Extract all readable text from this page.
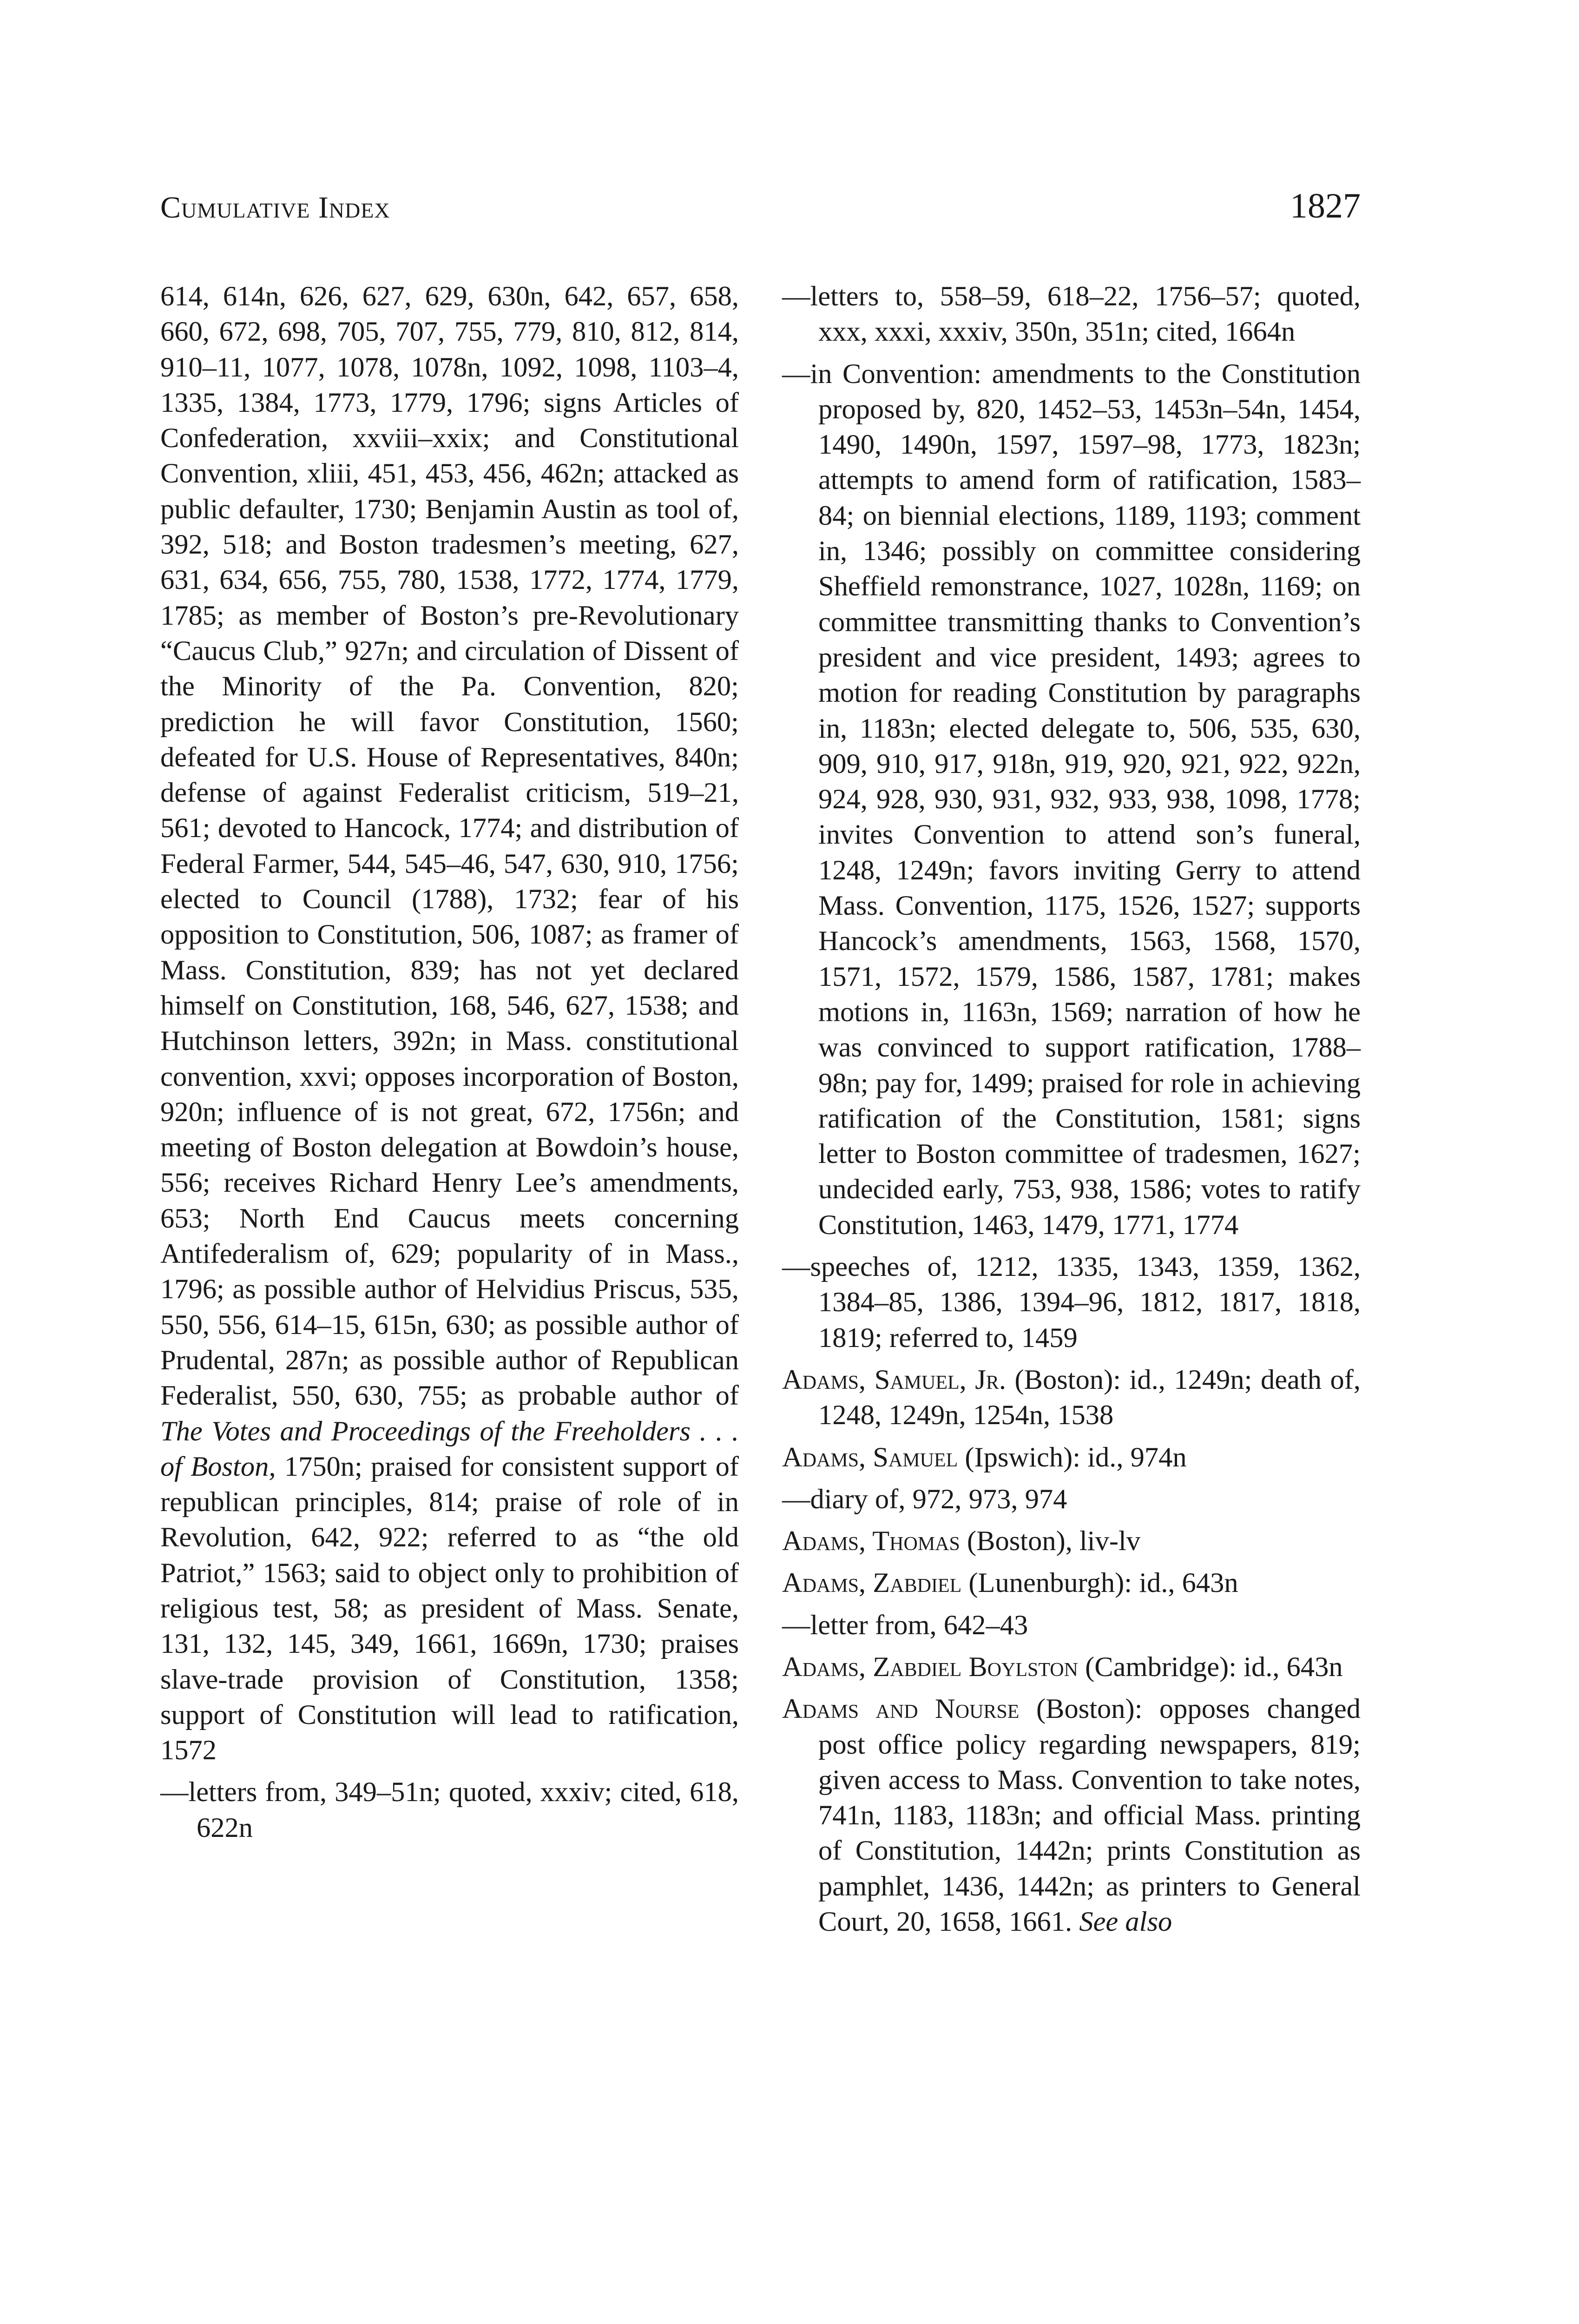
Cumulative Index	1827

614, 614n, 626, 627, 629, 630n, 642, 657, 658, 660, 672, 698, 705, 707, 755, 779, 810, 812, 814, 910–11, 1077, 1078, 1078n, 1092, 1098, 1103–4, 1335, 1384, 1773, 1779, 1796; signs Articles of Confederation, xxviii–xxix; and Constitutional Convention, xliii, 451, 453, 456, 462n; attacked as public defaulter, 1730; Benjamin Austin as tool of, 392, 518; and Boston tradesmen’s meeting, 627, 631, 634, 656, 755, 780, 1538, 1772, 1774, 1779, 1785; as member of Boston’s pre-Revolutionary “Caucus Club,” 927n; and circulation of Dissent of the Minority of the Pa. Convention, 820; prediction he will favor Constitution, 1560; defeated for U.S. House of Representatives, 840n; defense of against Federalist criticism, 519–21, 561; devoted to Hancock, 1774; and distribution of Federal Farmer, 544, 545–46, 547, 630, 910, 1756; elected to Council (1788), 1732; fear of his opposition to Constitution, 506, 1087; as framer of Mass. Constitution, 839; has not yet declared himself on Constitution, 168, 546, 627, 1538; and Hutchinson letters, 392n; in Mass. constitutional convention, xxvi; opposes incorporation of Boston, 920n; influence of is not great, 672, 1756n; and meeting of Boston delegation at Bowdoin’s house, 556; receives Richard Henry Lee’s amendments, 653; North End Caucus meets concerning Antifederalism of, 629; popularity of in Mass., 1796; as possible author of Helvidius Priscus, 535, 550, 556, 614–15, 615n, 630; as possible author of Prudental, 287n; as possible author of Republican Federalist, 550, 630, 755; as probable author of The Votes and Proceedings of the Freeholders . . . of Boston, 1750n; praised for consistent support of republican principles, 814; praise of role of in Revolution, 642, 922; referred to as “the old Patriot,” 1563; said to object only to prohibition of religious test, 58; as president of Mass. Senate, 131, 132, 145, 349, 1661, 1669n, 1730; praises slave-trade provision of Constitution, 1358; support of Constitution will lead to ratification, 1572

—letters from, 349–51n; quoted, xxxiv; cited, 618, 622n

—letters to, 558–59, 618–22, 1756–57; quoted, xxx, xxxi, xxxiv, 350n, 351n; cited, 1664n

—in Convention: amendments to the Constitution proposed by, 820, 1452–53, 1453n–54n, 1454, 1490, 1490n, 1597, 1597–98, 1773, 1823n; attempts to amend form of ratification, 1583–84; on biennial elections, 1189, 1193; comment in, 1346; possibly on committee considering Sheffield remonstrance, 1027, 1028n, 1169; on committee transmitting thanks to Convention’s president and vice president, 1493; agrees to motion for reading Constitution by paragraphs in, 1183n; elected delegate to, 506, 535, 630, 909, 910, 917, 918n, 919, 920, 921, 922, 922n, 924, 928, 930, 931, 932, 933, 938, 1098, 1778; invites Convention to attend son’s funeral, 1248, 1249n; favors inviting Gerry to attend Mass. Convention, 1175, 1526, 1527; supports Hancock’s amendments, 1563, 1568, 1570, 1571, 1572, 1579, 1586, 1587, 1781; makes motions in, 1163n, 1569; narration of how he was convinced to support ratification, 1788–98n; pay for, 1499; praised for role in achieving ratification of the Constitution, 1581; signs letter to Boston committee of tradesmen, 1627; undecided early, 753, 938, 1586; votes to ratify Constitution, 1463, 1479, 1771, 1774

—speeches of, 1212, 1335, 1343, 1359, 1362, 1384–85, 1386, 1394–96, 1812, 1817, 1818, 1819; referred to, 1459

Adams, Samuel, Jr. (Boston): id., 1249n; death of, 1248, 1249n, 1254n, 1538

Adams, Samuel (Ipswich): id., 974n

—diary of, 972, 973, 974

Adams, Thomas (Boston), liv-lv

Adams, Zabdiel (Lunenburgh): id., 643n

—letter from, 642–43

Adams, Zabdiel Boylston (Cambridge): id., 643n

Adams and Nourse (Boston): opposes changed post office policy regarding newspapers, 819; given access to Mass. Convention to take notes, 741n, 1183, 1183n; and official Mass. printing of Constitution, 1442n; prints Constitution as pamphlet, 1436, 1442n; as printers to General Court, 20, 1658, 1661. See also
